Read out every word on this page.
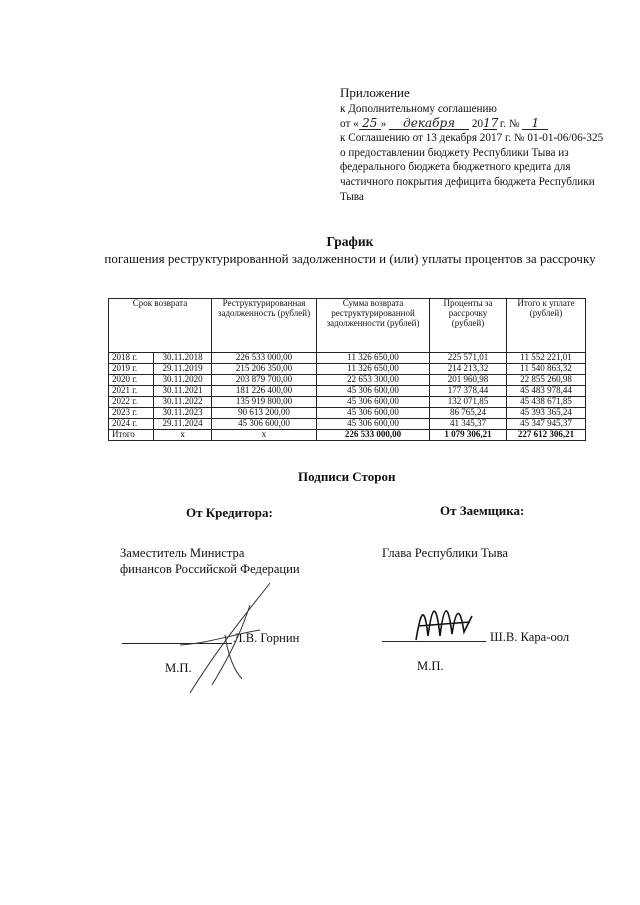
Приложение
к Дополнительному соглашению
от « 25 » декабря 2017 г. № 1
к Соглашению от 13 декабря 2017 г. № 01-01-06/06-325 о предоставлении бюджету Республики Тыва из федерального бюджета бюджетного кредита для частичного покрытия дефицита бюджета Республики Тыва
График
погашения реструктурированной задолженности и (или) уплаты процентов за рассрочку
Срок возврата		Реструктурированная задолженность (рублей)	Сумма возврата реструктурированной задолженности (рублей)	Проценты за рассрочку (рублей)	Итого к уплате (рублей)
2018 г.	30.11.2018	226 533 000,00	11 326 650,00	225 571,01	11 552 221,01
2019 г.	29.11.2019	215 206 350,00	11 326 650,00	214 213,32	11 540 863,32
2020 г.	30.11.2020	203 879 700,00	22 653 300,00	201 960,98	22 855 260,98
2021 г.	30.11.2021	181 226 400,00	45 306 600,00	177 378,44	45 483 978,44
2022 г.	30.11.2022	135 919 800,00	45 306 600,00	132 071,85	45 438 671,85
2023 г.	30.11.2023	90 613 200,00	45 306 600,00	86 765,24	45 393 365,24
2024 г.	29.11.2024	45 306 600,00	45 306 600,00	41 345,37	45 347 945,37
Итого	х	х	226 533 000,00	1 079 306,21	227 612 306,21
Подписи Сторон
От Кредитора:	От Заемщика:
Заместитель Министра
финансов Российской Федерации
Глава Республики Тыва
Л.В. Горнин
М.П.
Ш.В. Кара-оол
М.П.
